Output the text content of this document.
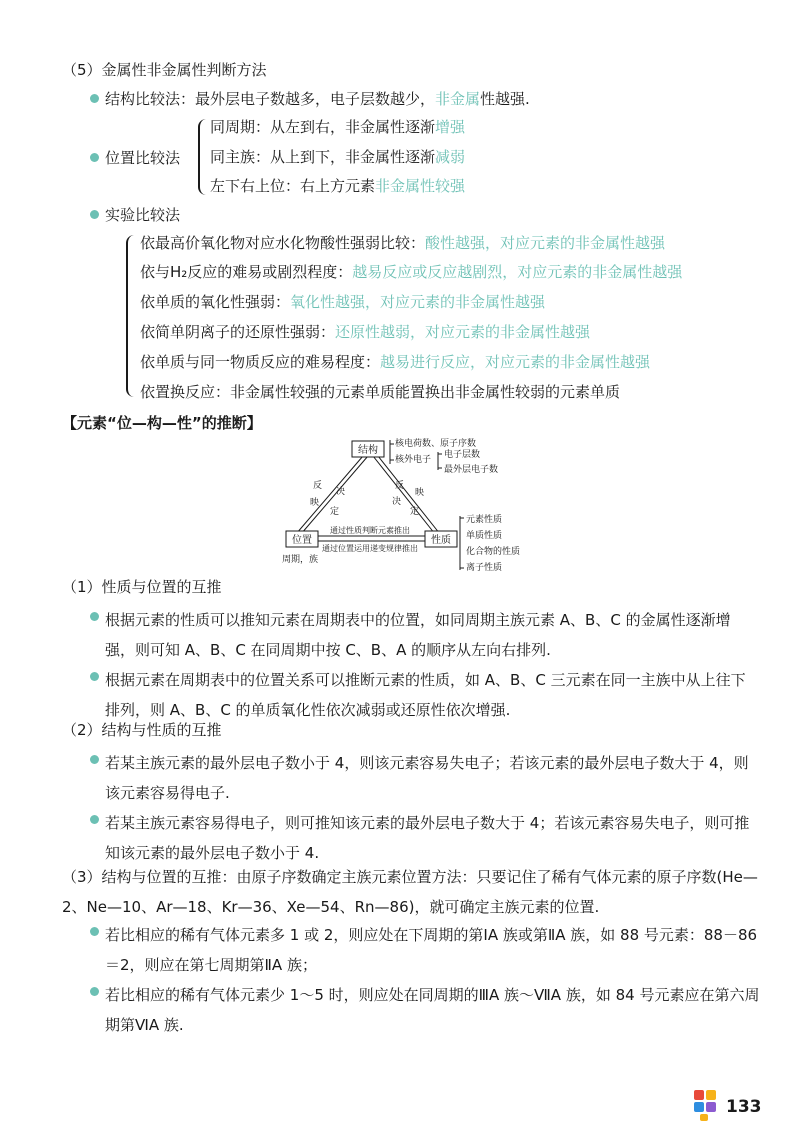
（5）金属性非金属性判断方法
结构比较法：最外层电子数越多，电子层数越少，非金属性越强.
位置比较法
同周期：从左到右，非金属性逐渐增强
同主族：从上到下，非金属性逐渐减弱
左下右上位：右上方元素非金属性较强
实验比较法
依最高价氧化物对应水化物酸性强弱比较：酸性越强，对应元素的非金属性越强
依与H₂反应的难易或剧烈程度：越易反应或反应越剧烈，对应元素的非金属性越强
依单质的氧化性强弱：氧化性越强，对应元素的非金属性越强
依简单阴离子的还原性强弱：还原性越弱，对应元素的非金属性越强
依单质与同一物质反应的难易程度：越易进行反应，对应元素的非金属性越强
依置换反应：非金属性较强的元素单质能置换出非金属性较弱的元素单质
【元素“位—构—性”的推断】
结构
位置	性质
核电荷数、原子序数
核外电子 电子层数
最外层电子数
反
映
决
定
反
映
决
定
通过性质判断元素推出
通过位置运用递变规律推出
周期，族
元素性质
单质性质
化合物的性质
离子性质
（1）性质与位置的互推
根据元素的性质可以推知元素在周期表中的位置，如同周期主族元素 A、B、C 的金属性逐渐增强，则可知 A、B、C 在同周期中按 C、B、A 的顺序从左向右排列.
根据元素在周期表中的位置关系可以推断元素的性质，如 A、B、C 三元素在同一主族中从上往下排列，则 A、B、C 的单质氧化性依次减弱或还原性依次增强.
（2）结构与性质的互推
若某主族元素的最外层电子数小于 4，则该元素容易失电子；若该元素的最外层电子数大于 4，则该元素容易得电子.
若某主族元素容易得电子，则可推知该元素的最外层电子数大于 4；若该元素容易失电子，则可推知该元素的最外层电子数小于 4.
（3）结构与位置的互推：由原子序数确定主族元素位置方法：只要记住了稀有气体元素的原子序数(He—2、Ne—10、Ar—18、Kr—36、Xe—54、Rn—86)，就可确定主族元素的位置.
若比相应的稀有气体元素多 1 或 2，则应处在下周期的第ⅠA 族或第ⅡA 族，如 88 号元素：88－86＝2，则应在第七周期第ⅡA 族；
若比相应的稀有气体元素少 1～5 时，则应处在同周期的ⅢA 族～ⅦA 族，如 84 号元素应在第六周期第ⅥA 族.
133
